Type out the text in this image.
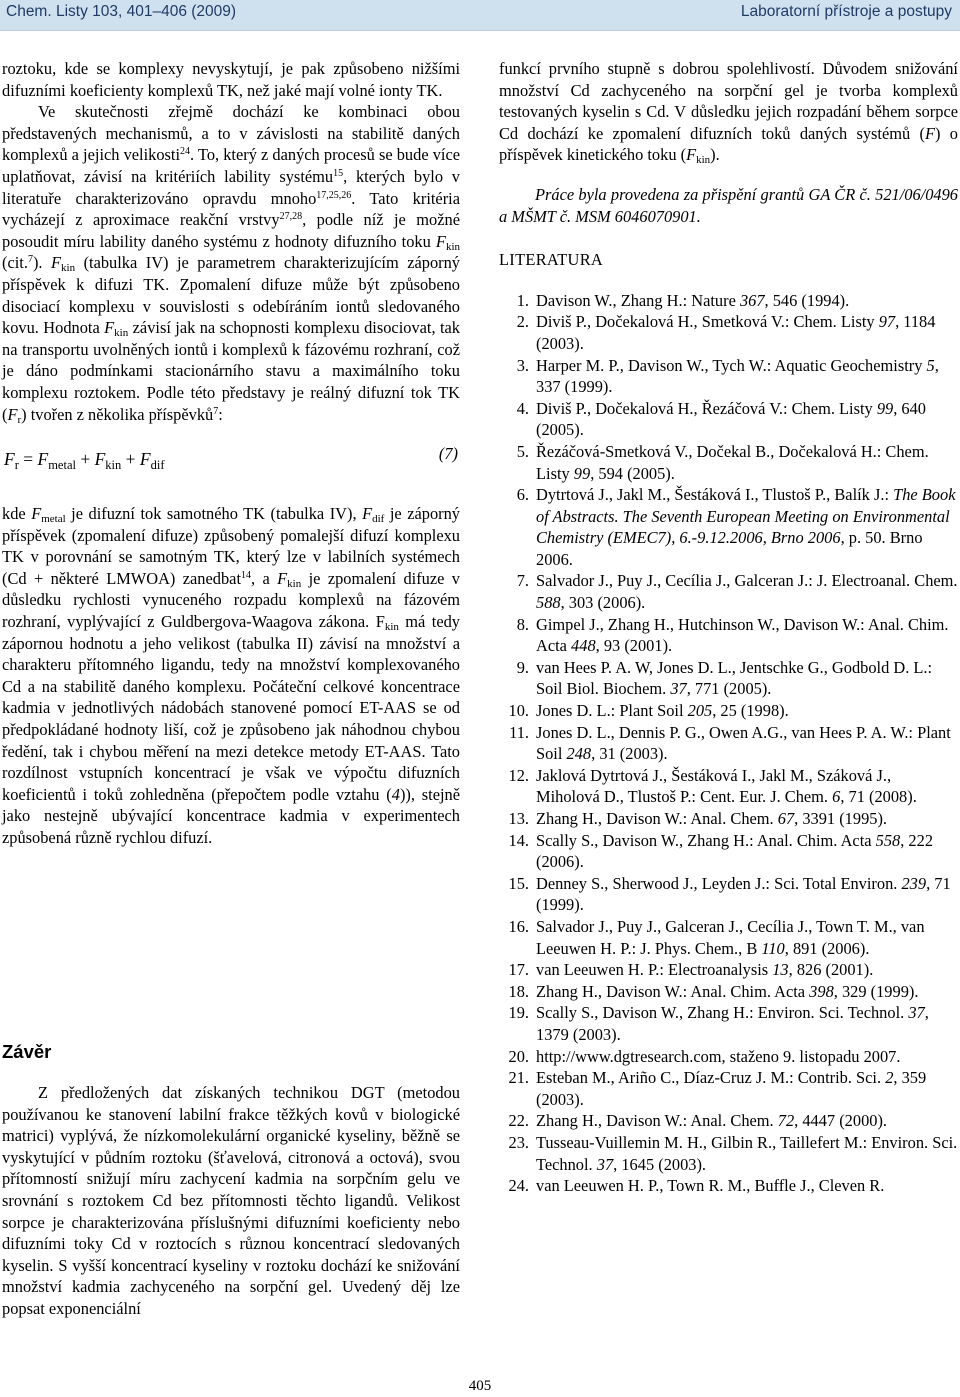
Chem. Listy 103, 401–406 (2009)	Laboratorní přístroje a postupy

roztoku, kde se komplexy nevyskytují, je pak způsobeno nižšími difuzními koeficienty komplexů TK, než jaké mají volné ionty TK.

Ve skutečnosti zřejmě dochází ke kombinaci obou představených mechanismů, a to v závislosti na stabilitě daných komplexů a jejich velikosti$^{24}$. To, který z daných procesů se bude více uplatňovat, závisí na kritériích lability systému$^{15}$, kterých bylo v literatuře charakterizováno opravdu mnoho$^{17,25,26}$. Tato kritéria vycházejí z aproximace reakční vrstvy$^{27,28}$, podle níž je možné posoudit míru lability daného systému z hodnoty difuzního toku $F_{kin}$ (cit.$^7$). $F_{kin}$ (tabulka IV) je parametrem charakterizujícím záporný příspěvek k difuzi TK. Zpomalení difuze může být způsobeno disociací komplexu v souvislosti s odebíráním iontů sledovaného kovu. Hodnota $F_{kin}$ závisí jak na schopnosti komplexu disociovat, tak na transportu uvolněných iontů i komplexů k fázovému rozhraní, což je dáno podmínkami stacionárního stavu a maximálního toku komplexu roztokem. Podle této představy je reálný difuzní tok TK $(F_r)$ tvořen z několika příspěvků$^7$:

$F_r = F_{metal} + F_{kin} + F_{dif}$
(7)

kde $F_{metal}$ je difuzní tok samotného TK (tabulka IV), $F_{dif}$ je záporný příspěvek (zpomalení difuze) způsobený pomalejší difuzí komplexu TK v porovnání se samotným TK, který lze v labilních systémech (Cd + některé LMWOA) zanedbat$^{14}$, a $F_{kin}$ je zpomalení difuze v důsledku rychlosti vynuceného rozpadu komplexů na fázovém rozhraní, vyplývající z Guldbergova-Waagova zákona. $F_{kin}$ má tedy zápornou hodnotu a jeho velikost (tabulka II) závisí na množství a charakteru přítomného ligandu, tedy na množství komplexovaného Cd a na stabilitě daného komplexu. Počáteční celkové koncentrace kadmia v jednotlivých nádobách stanovené pomocí ET-AAS se od předpokládané hodnoty liší, což je způsobeno jak náhodnou chybou ředění, tak i chybou měření na mezi detekce metody ET-AAS. Tato rozdílnost vstupních koncentrací je však ve výpočtu difuzních koeficientů i toků zohledněna (přepočtem podle vztahu (4)), stejně jako nestejně ubývající koncentrace kadmia v experimentech způsobená různě rychlou difuzí.

Závěr

Z předložených dat získaných technikou DGT (metodou používanou ke stanovení labilní frakce těžkých kovů v biologické matrici) vyplývá, že nízkomolekulární organické kyseliny, běžně se vyskytující v půdním roztoku (šťavelová, citronová a octová), svou přítomností snižují míru zachycení kadmia na sorpčním gelu ve srovnání s roztokem Cd bez přítomnosti těchto ligandů. Velikost sorpce je charakterizována příslušnými difuzními koeficienty nebo difuzními toky Cd v roztocích s různou koncentrací sledovaných kyselin. S vyšší koncentrací kyseliny v roztoku dochází ke snižování množství kadmia zachyceného na sorpční gel. Uvedený děj lze popsat exponenciální

funkcí prvního stupně s dobrou spolehlivostí. Důvodem snižování množství Cd zachyceného na sorpční gel je tvorba komplexů testovaných kyselin s Cd. V důsledku jejich rozpadání během sorpce Cd dochází ke zpomalení difuzních toků daných systémů (F) o příspěvek kinetického toku $(F_{kin})$.

Práce byla provedena za přispění grantů GA ČR č. 521/06/0496 a MŠMT č. MSM 6046070901.

LITERATURA
1. Davison W., Zhang H.: Nature 367, 546 (1994).
2. Diviš P., Dočekalová H., Smetková V.: Chem. Listy 97, 1184 (2003).
3. Harper M. P., Davison W., Tych W.: Aquatic Geochemistry 5, 337 (1999).
4. Diviš P., Dočekalová H., Řezáčová V.: Chem. Listy 99, 640 (2005).
5. Řezáčová-Smetková V., Dočekal B., Dočekalová H.: Chem. Listy 99, 594 (2005).
6. Dytrtová J., Jakl M., Šestáková I., Tlustoš P., Balík J.: The Book of Abstracts. The Seventh European Meeting on Environmental Chemistry (EMEC7), 6.-9.12.2006, Brno 2006, p. 50. Brno 2006.
7. Salvador J., Puy J., Cecília J., Galceran J.: J. Electroanal. Chem. 588, 303 (2006).
8. Gimpel J., Zhang H., Hutchinson W., Davison W.: Anal. Chim. Acta 448, 93 (2001).
9. van Hees P. A. W, Jones D. L., Jentschke G., Godbold D. L.: Soil Biol. Biochem. 37, 771 (2005).
10. Jones D. L.: Plant Soil 205, 25 (1998).
11. Jones D. L., Dennis P. G., Owen A.G., van Hees P. A. W.: Plant Soil 248, 31 (2003).
12. Jaklová Dytrtová J., Šestáková I., Jakl M., Száková J., Miholová D., Tlustoš P.: Cent. Eur. J. Chem. 6, 71 (2008).
13. Zhang H., Davison W.: Anal. Chem. 67, 3391 (1995).
14. Scally S., Davison W., Zhang H.: Anal. Chim. Acta 558, 222 (2006).
15. Denney S., Sherwood J., Leyden J.: Sci. Total Environ. 239, 71 (1999).
16. Salvador J., Puy J., Galceran J., Cecília J., Town T. M., van Leeuwen H. P.: J. Phys. Chem., B 110, 891 (2006).
17. van Leeuwen H. P.: Electroanalysis 13, 826 (2001).
18. Zhang H., Davison W.: Anal. Chim. Acta 398, 329 (1999).
19. Scally S., Davison W., Zhang H.: Environ. Sci. Technol. 37, 1379 (2003).
20. http://www.dgtresearch.com, staženo 9. listopadu 2007.
21. Esteban M., Ariño C., Díaz-Cruz J. M.: Contrib. Sci. 2, 359 (2003).
22. Zhang H., Davison W.: Anal. Chem. 72, 4447 (2000).
23. Tusseau-Vuillemin M. H., Gilbin R., Taillefert M.: Environ. Sci. Technol. 37, 1645 (2003).
24. van Leeuwen H. P., Town R. M., Buffle J., Cleven R.
405
